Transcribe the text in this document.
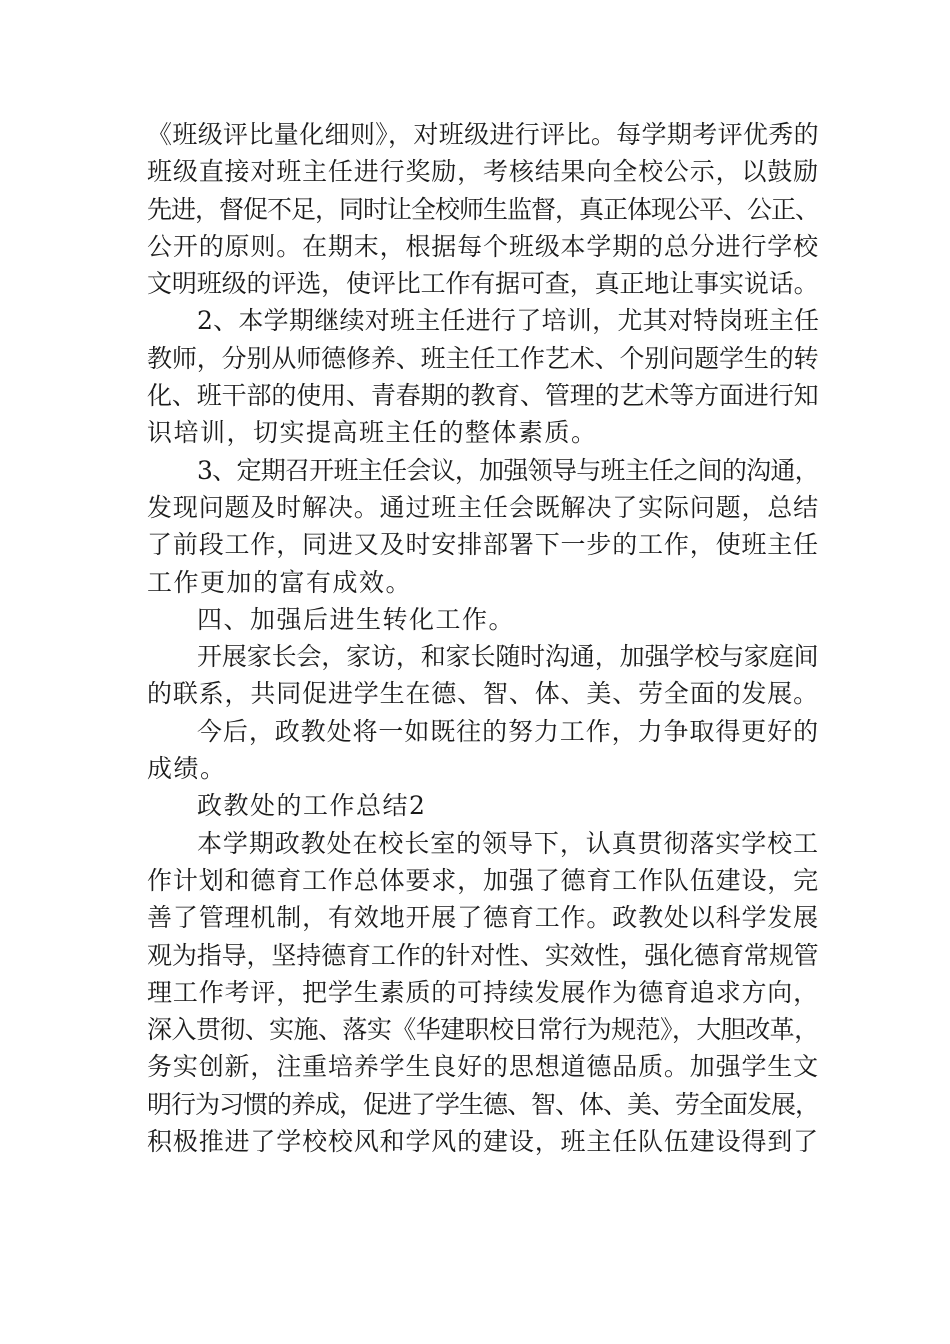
《班级评比量化细则》，对班级进行评比。每学期考评优秀的
班级直接对班主任进行奖励，考核结果向全校公示，以鼓励
先进，督促不足，同时让全校师生监督，真正体现公平、公正、
公开的原则。在期末，根据每个班级本学期的总分进行学校
文明班级的评选，使评比工作有据可查，真正地让事实说话。
2、本学期继续对班主任进行了培训，尤其对特岗班主任
教师，分别从师德修养、班主任工作艺术、个别问题学生的转
化、班干部的使用、青春期的教育、管理的艺术等方面进行知
识培训，切实提高班主任的整体素质。
3、定期召开班主任会议，加强领导与班主任之间的沟通，
发现问题及时解决。通过班主任会既解决了实际问题，总结
了前段工作，同进又及时安排部署下一步的工作，使班主任
工作更加的富有成效。
四、加强后进生转化工作。
开展家长会，家访，和家长随时沟通，加强学校与家庭间
的联系，共同促进学生在德、智、体、美、劳全面的发展。
今后，政教处将一如既往的努力工作，力争取得更好的
成绩。
政教处的工作总结2
本学期政教处在校长室的领导下，认真贯彻落实学校工
作计划和德育工作总体要求，加强了德育工作队伍建设，完
善了管理机制，有效地开展了德育工作。政教处以科学发展
观为指导，坚持德育工作的针对性、实效性，强化德育常规管
理工作考评，把学生素质的可持续发展作为德育追求方向，
深入贯彻、实施、落实《华建职校日常行为规范》，大胆改革，
务实创新，注重培养学生良好的思想道德品质。加强学生文
明行为习惯的养成，促进了学生德、智、体、美、劳全面发展，
积极推进了学校校风和学风的建设，班主任队伍建设得到了
